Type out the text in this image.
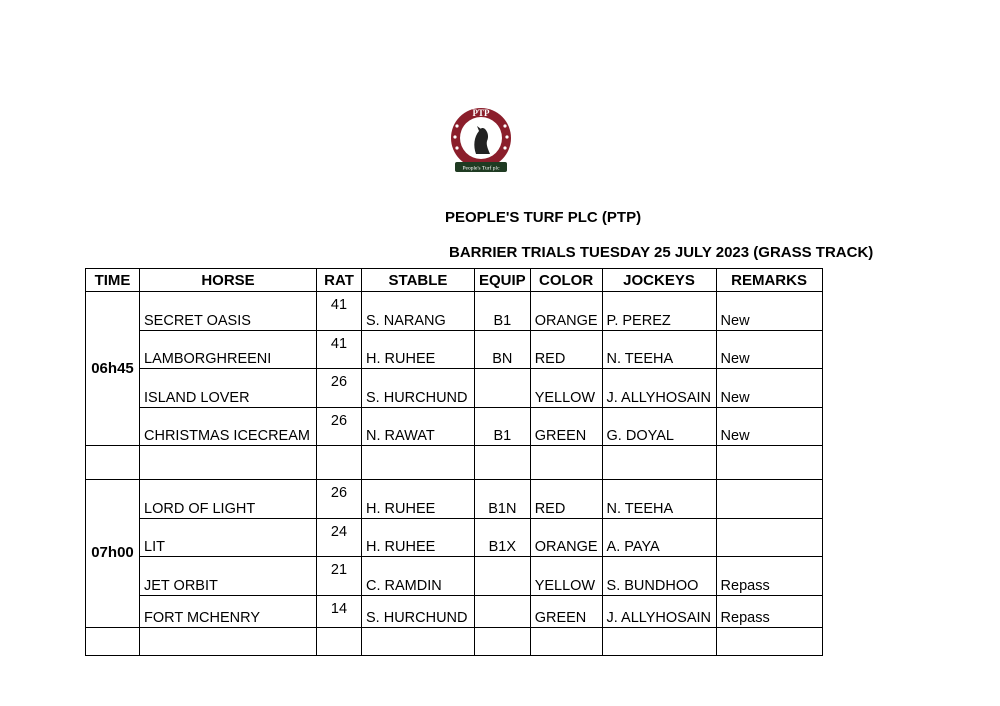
PTP
People's Turf plc
PEOPLE'S TURF PLC (PTP)
BARRIER TRIALS TUESDAY 25 JULY 2023 (GRASS TRACK)
TIME	HORSE	RAT	STABLE	EQUIP	COLOR	JOCKEYS	REMARKS
06h45	SECRET OASIS	41	S. NARANG	B1	ORANGE	P. PEREZ	New
	LAMBORGHREENI	41	H. RUHEE	BN	RED	N. TEEHA	New
	ISLAND LOVER	26	S. HURCHUND		YELLOW	J. ALLYHOSAIN	New
	CHRISTMAS ICECREAM	26	N. RAWAT	B1	GREEN	G. DOYAL	New

07h00	LORD OF LIGHT	26	H. RUHEE	B1N	RED	N. TEEHA	
	LIT	24	H. RUHEE	B1X	ORANGE	A. PAYA	
	JET ORBIT	21	C. RAMDIN		YELLOW	S. BUNDHOO	Repass
	FORT MCHENRY	14	S. HURCHUND		GREEN	J. ALLYHOSAIN	Repass
